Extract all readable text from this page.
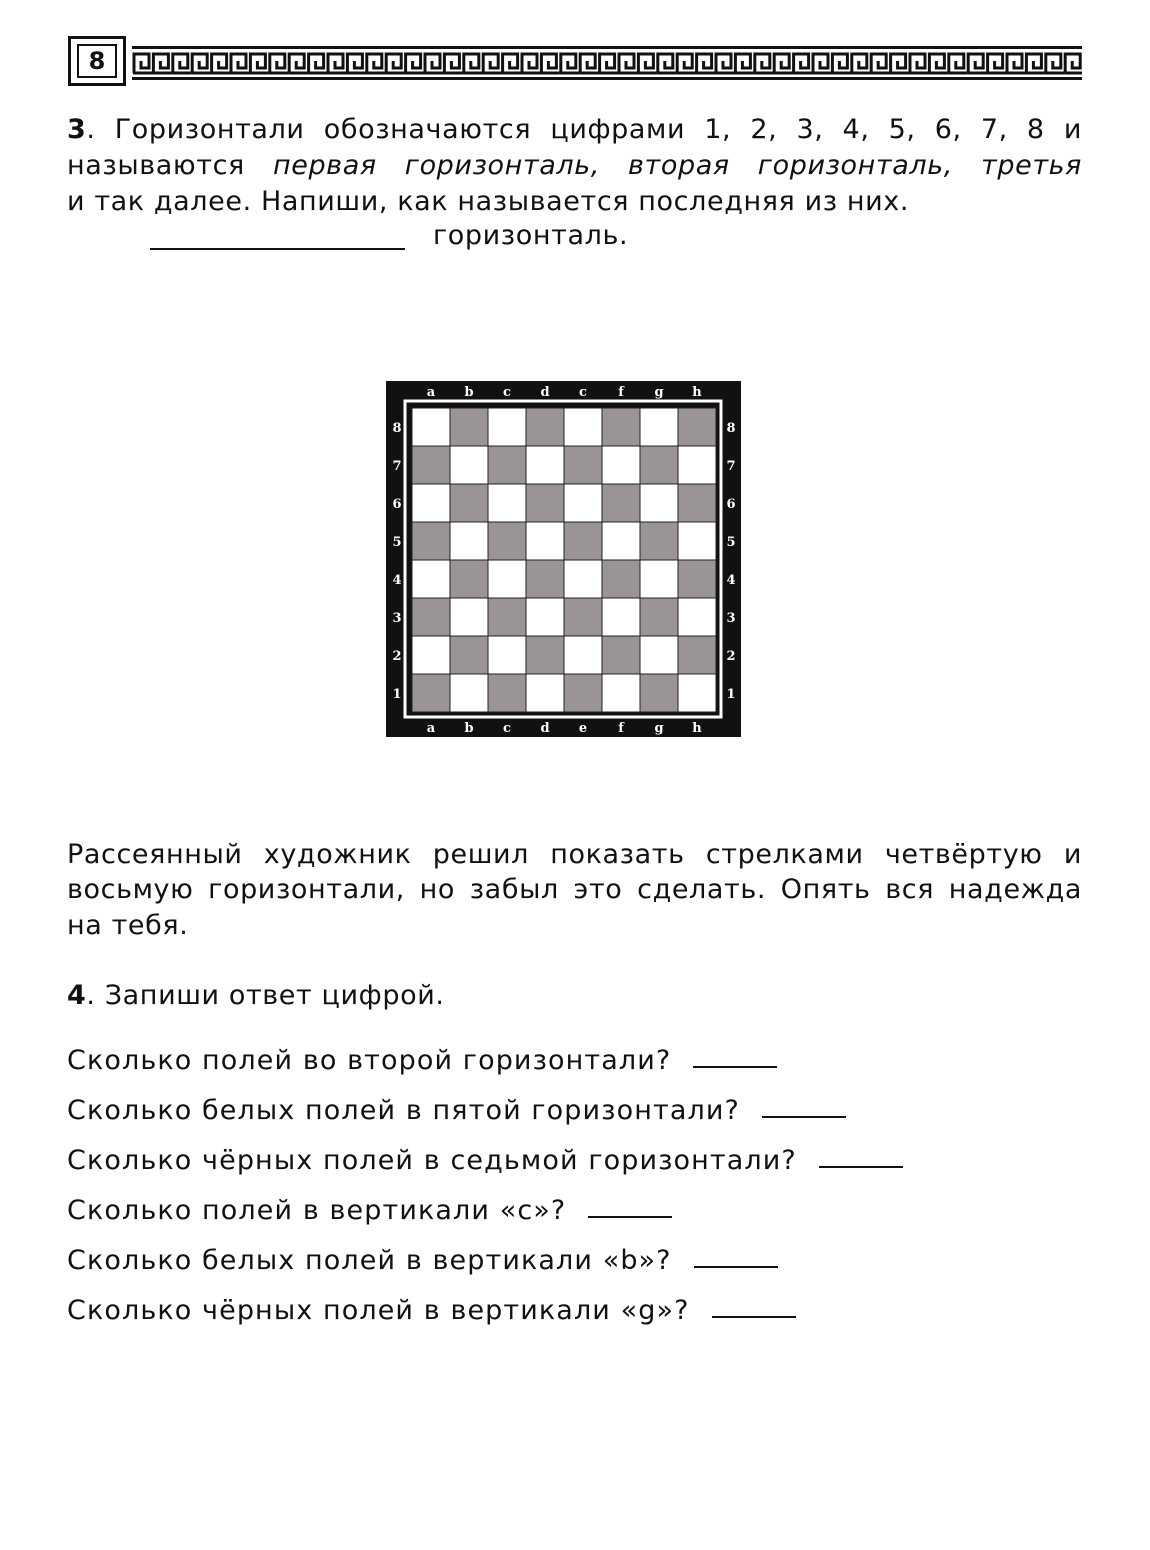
8
3. Горизонтали обозначаются цифрами 1, 2, 3, 4, 5, 6, 7, 8 и
называются первая горизонталь, вторая горизонталь, третья
и так далее. Напиши, как называется последняя из них.
горизонталь.
a
a
b
b
c
c
d
d
c
e
f
f
g
g
h
h
8	8
7	7
6	6
5	5
4	4
3	3
2	2
1	1
Рассеянный художник решил показать стрелками четвёртую и
восьмую горизонтали, но забыл это сделать. Опять вся надежда
на тебя.
4. Запиши ответ цифрой.
Сколько полей во второй горизонтали?
Сколько белых полей в пятой горизонтали?
Сколько чёрных полей в седьмой горизонтали?
Сколько полей в вертикали «с»?
Сколько белых полей в вертикали «b»?
Сколько чёрных полей в вертикали «g»?
